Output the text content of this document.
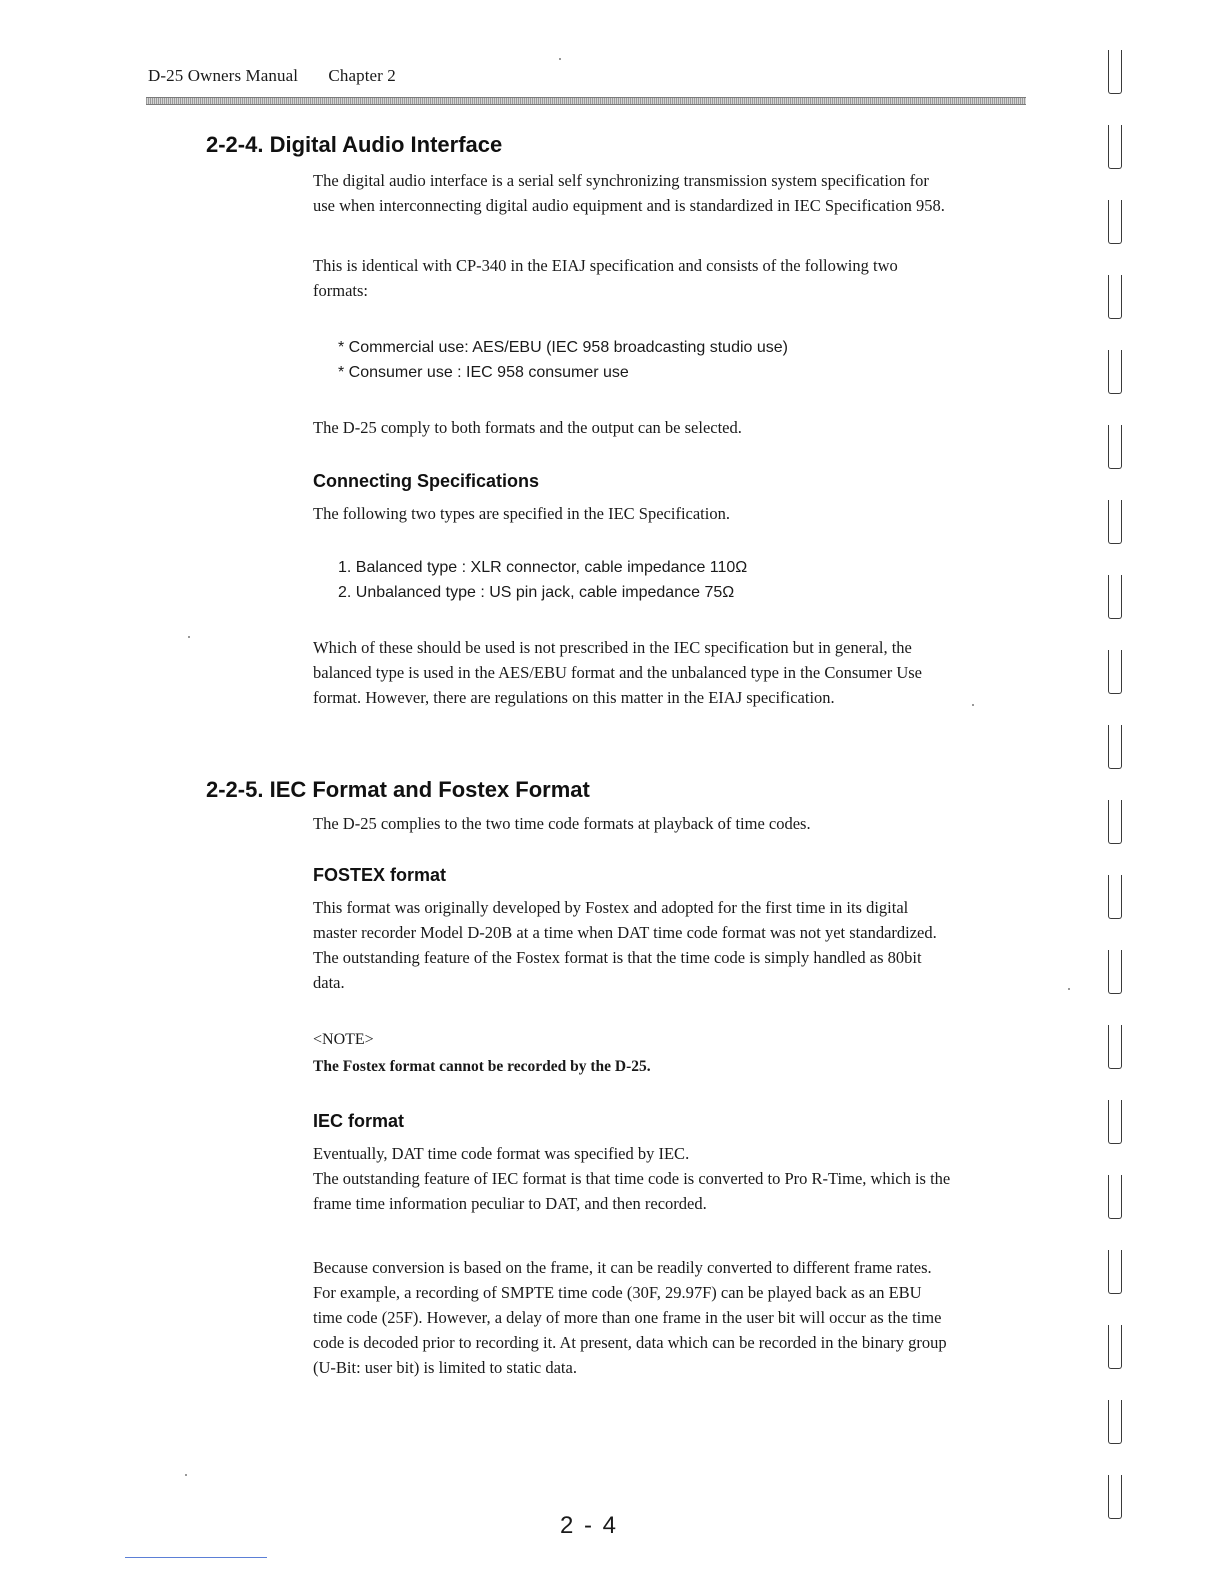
D-25 Owners Manual Chapter 2
2-2-4. Digital Audio Interface
The digital audio interface is a serial self synchronizing transmission system specification for
use when interconnecting digital audio equipment and is standardized in IEC Specification 958.
This is identical with CP-340 in the EIAJ specification and consists of the following two
formats:
* Commercial use: AES/EBU (IEC 958 broadcasting studio use)
* Consumer use : IEC 958 consumer use
The D-25 comply to both formats and the output can be selected.
Connecting Specifications
The following two types are specified in the IEC Specification.
1. Balanced type : XLR connector, cable impedance 110Ω
2. Unbalanced type : US pin jack, cable impedance 75Ω
Which of these should be used is not prescribed in the IEC specification but in general, the
balanced type is used in the AES/EBU format and the unbalanced type in the Consumer Use
format. However, there are regulations on this matter in the EIAJ specification.
2-2-5. IEC Format and Fostex Format
The D-25 complies to the two time code formats at playback of time codes.
FOSTEX format
This format was originally developed by Fostex and adopted for the first time in its digital
master recorder Model D-20B at a time when DAT time code format was not yet standardized.
The outstanding feature of the Fostex format is that the time code is simply handled as 80bit
data.
<NOTE>
The Fostex format cannot be recorded by the D-25.
IEC format
Eventually, DAT time code format was specified by IEC.
The outstanding feature of IEC format is that time code is converted to Pro R-Time, which is the
frame time information peculiar to DAT, and then recorded.
Because conversion is based on the frame, it can be readily converted to different frame rates.
For example, a recording of SMPTE time code (30F, 29.97F) can be played back as an EBU
time code (25F). However, a delay of more than one frame in the user bit will occur as the time
code is decoded prior to recording it. At present, data which can be recorded in the binary group
(U-Bit: user bit) is limited to static data.
2 - 4
